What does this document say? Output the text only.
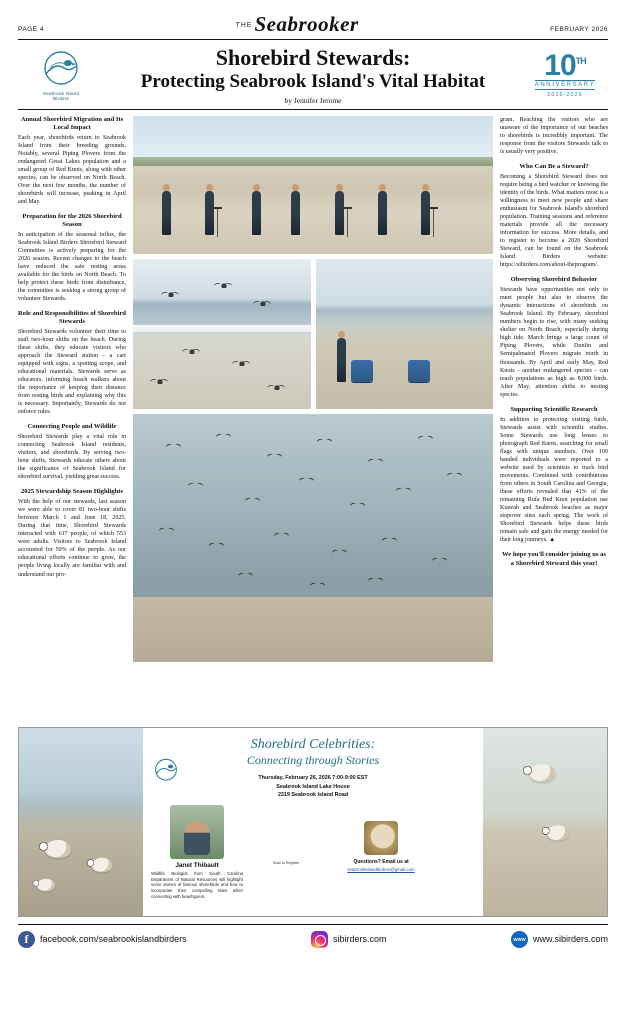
PAGE 4
THESeabrooker	FEBRUARY 2026
Seabrook Island
Birders
Shorebird Stewards:
Protecting Seabrook Island's Vital Habitat
by Jennifer Jerome
10TH
ANNIVERSARY
2016-2026
Annual Shorebird Migration and Its Local Impact

Each year, shorebirds return to Seabrook Island from their breeding grounds. Notably, several Piping Plovers from the endangered Great Lakes population and a small group of Red Knots, along with other species, can be observed on North Beach. Over the next few months, the number of shorebirds will increase, peaking in April and May.

Preparation for the 2026 Shorebird Season

In anticipation of the seasonal influx, the Seabrook Island Birders Shorebird Steward Committee is actively preparing for the 2026 season. Recent changes to the beach have reduced the safe resting areas available for the birds on North Beach. To help protect these birds from disturbance, the committee is seeking a strong group of volunteer Stewards.

Role and Responsibilities of Shorebird Stewards

Shorebird Stewards volunteer their time to staff two-hour shifts on the beach. During these shifts, they educate visitors who approach the Steward station - a cart equipped with signs, a spotting scope, and educational materials. Stewards serve as educators, informing beach walkers about the importance of keeping their distance from resting birds and explaining why this is necessary. Importantly, Stewards do not enforce rules.

Connecting People and Wildlife

Shorebird Stewards play a vital role in connecting Seabrook Island residents, visitors, and shorebirds. By serving two-hour shifts, Stewards educate others about the significance of Seabrook Island for shorebird survival, yielding great success.

2025 Stewardship Season Highlights

With the help of our stewards, last season we were able to cover 81 two-hour shifts between March 1 and June 18, 2025. During that time, Shorebird Stewards interacted with 617 people, of which 553 were adults. Visitors to Seabrook Island accounted for 59% of the people. As our educational efforts continue to grow, the people living locally are familiar with and understand our pro-

gram. Reaching the visitors who are unaware of the importance of our beaches to shorebirds is incredibly important. The response from the visitors Stewards talk to is usually very positive.

Who Can Be a Steward?

Becoming a Shorebird Steward does not require being a bird watcher or knowing the identity of the birds. What matters most is a willingness to meet new people and share enthusiasm for Seabrook Island's shorebird population. Training sessions and reference materials provide all the necessary information for success. More details, and to register to become a 2026 Shorebird Steward, can be found on the Seabrook Island Birders website: https://sibirders.com/about-theprogram/.

Observing Shorebird Behavior

Stewards have opportunities not only to meet people but also to observe the dynamic interactions of shorebirds on Seabrook Island. By February, shorebird numbers begin to rise, with many seeking shelter on North Beach, especially during high tide. March brings a large count of Piping Plovers, while Dunlin and Semipalmated Plovers migrate north in thousands. By April and early May, Red Knots - another endangered species - can reach populations as high as 8,000 birds. After May, attention shifts to nesting species.

Supporting Scientific Research

In addition to protecting visiting birds, Stewards assist with scientific studies. Some Stewards use long lenses to photograph Red Knots, searching for small flags with unique numbers. Over 100 banded individuals were reported to a website used by scientists to track bird movements. Combined with contributions from others in South Carolina and Georgia, these efforts revealed that 41% of the remaining Rufa Red Knot population use Kiawah and Seabrook beaches as major stopover sites each spring. The work of Shorebird Stewards helps these birds remain safe and gain the energy needed for their long journeys. ▲

We hope you'll consider joining us as a Shorebird Steward this year!
Shorebird Celebrities:
Connecting through Stories
Thursday, February 26, 2026 7:00-9:00 EST
Seabrook Island Lake House
2319 Seabrook Island Road
Janet Thibault
Wildlife Biologist from South Carolina Department of Natural Resources will highlight some stories of famous shorebirds and how to incorporate their compelling tales when connecting with beachgoers.
Scan to Register	Questions? Email us at
seabrookislandbirders@gmail.com
f
facebook.com/seabrookislandbirders	sibirders.com WWW	www.sibirders.com
